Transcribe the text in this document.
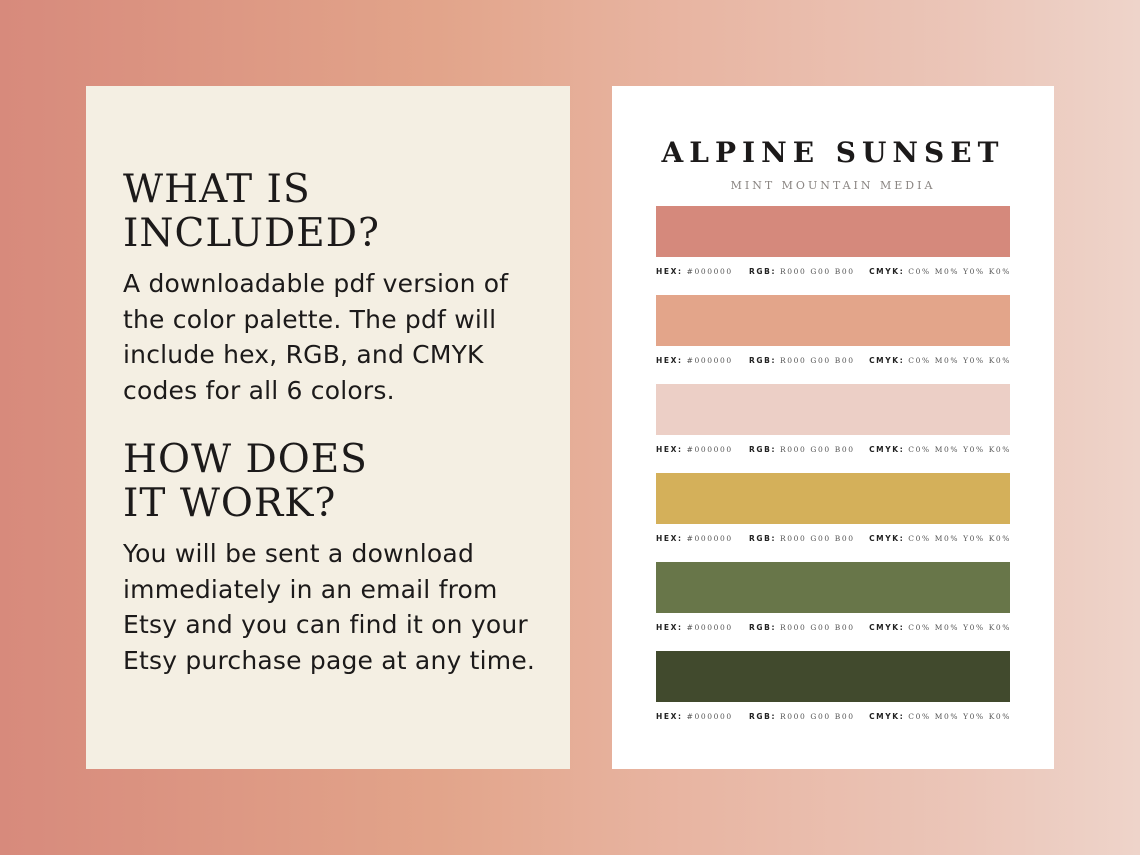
WHAT IS
INCLUDED?

A downloadable pdf version of the color palette. The pdf will include hex, RGB, and CMYK codes for all 6 colors.

HOW DOES
IT WORK?

You will be sent a download immediately in an email from Etsy and you can find it on your Etsy purchase page at any time.

ALPINE SUNSET
MINT MOUNTAIN MEDIA
HEX: #000000 RGB: R000 G00 B00 CMYK: C0% M0% Y0% K0%
HEX: #000000 RGB: R000 G00 B00 CMYK: C0% M0% Y0% K0%
HEX: #000000 RGB: R000 G00 B00 CMYK: C0% M0% Y0% K0%
HEX: #000000 RGB: R000 G00 B00 CMYK: C0% M0% Y0% K0%
HEX: #000000 RGB: R000 G00 B00 CMYK: C0% M0% Y0% K0%
HEX: #000000 RGB: R000 G00 B00 CMYK: C0% M0% Y0% K0%
